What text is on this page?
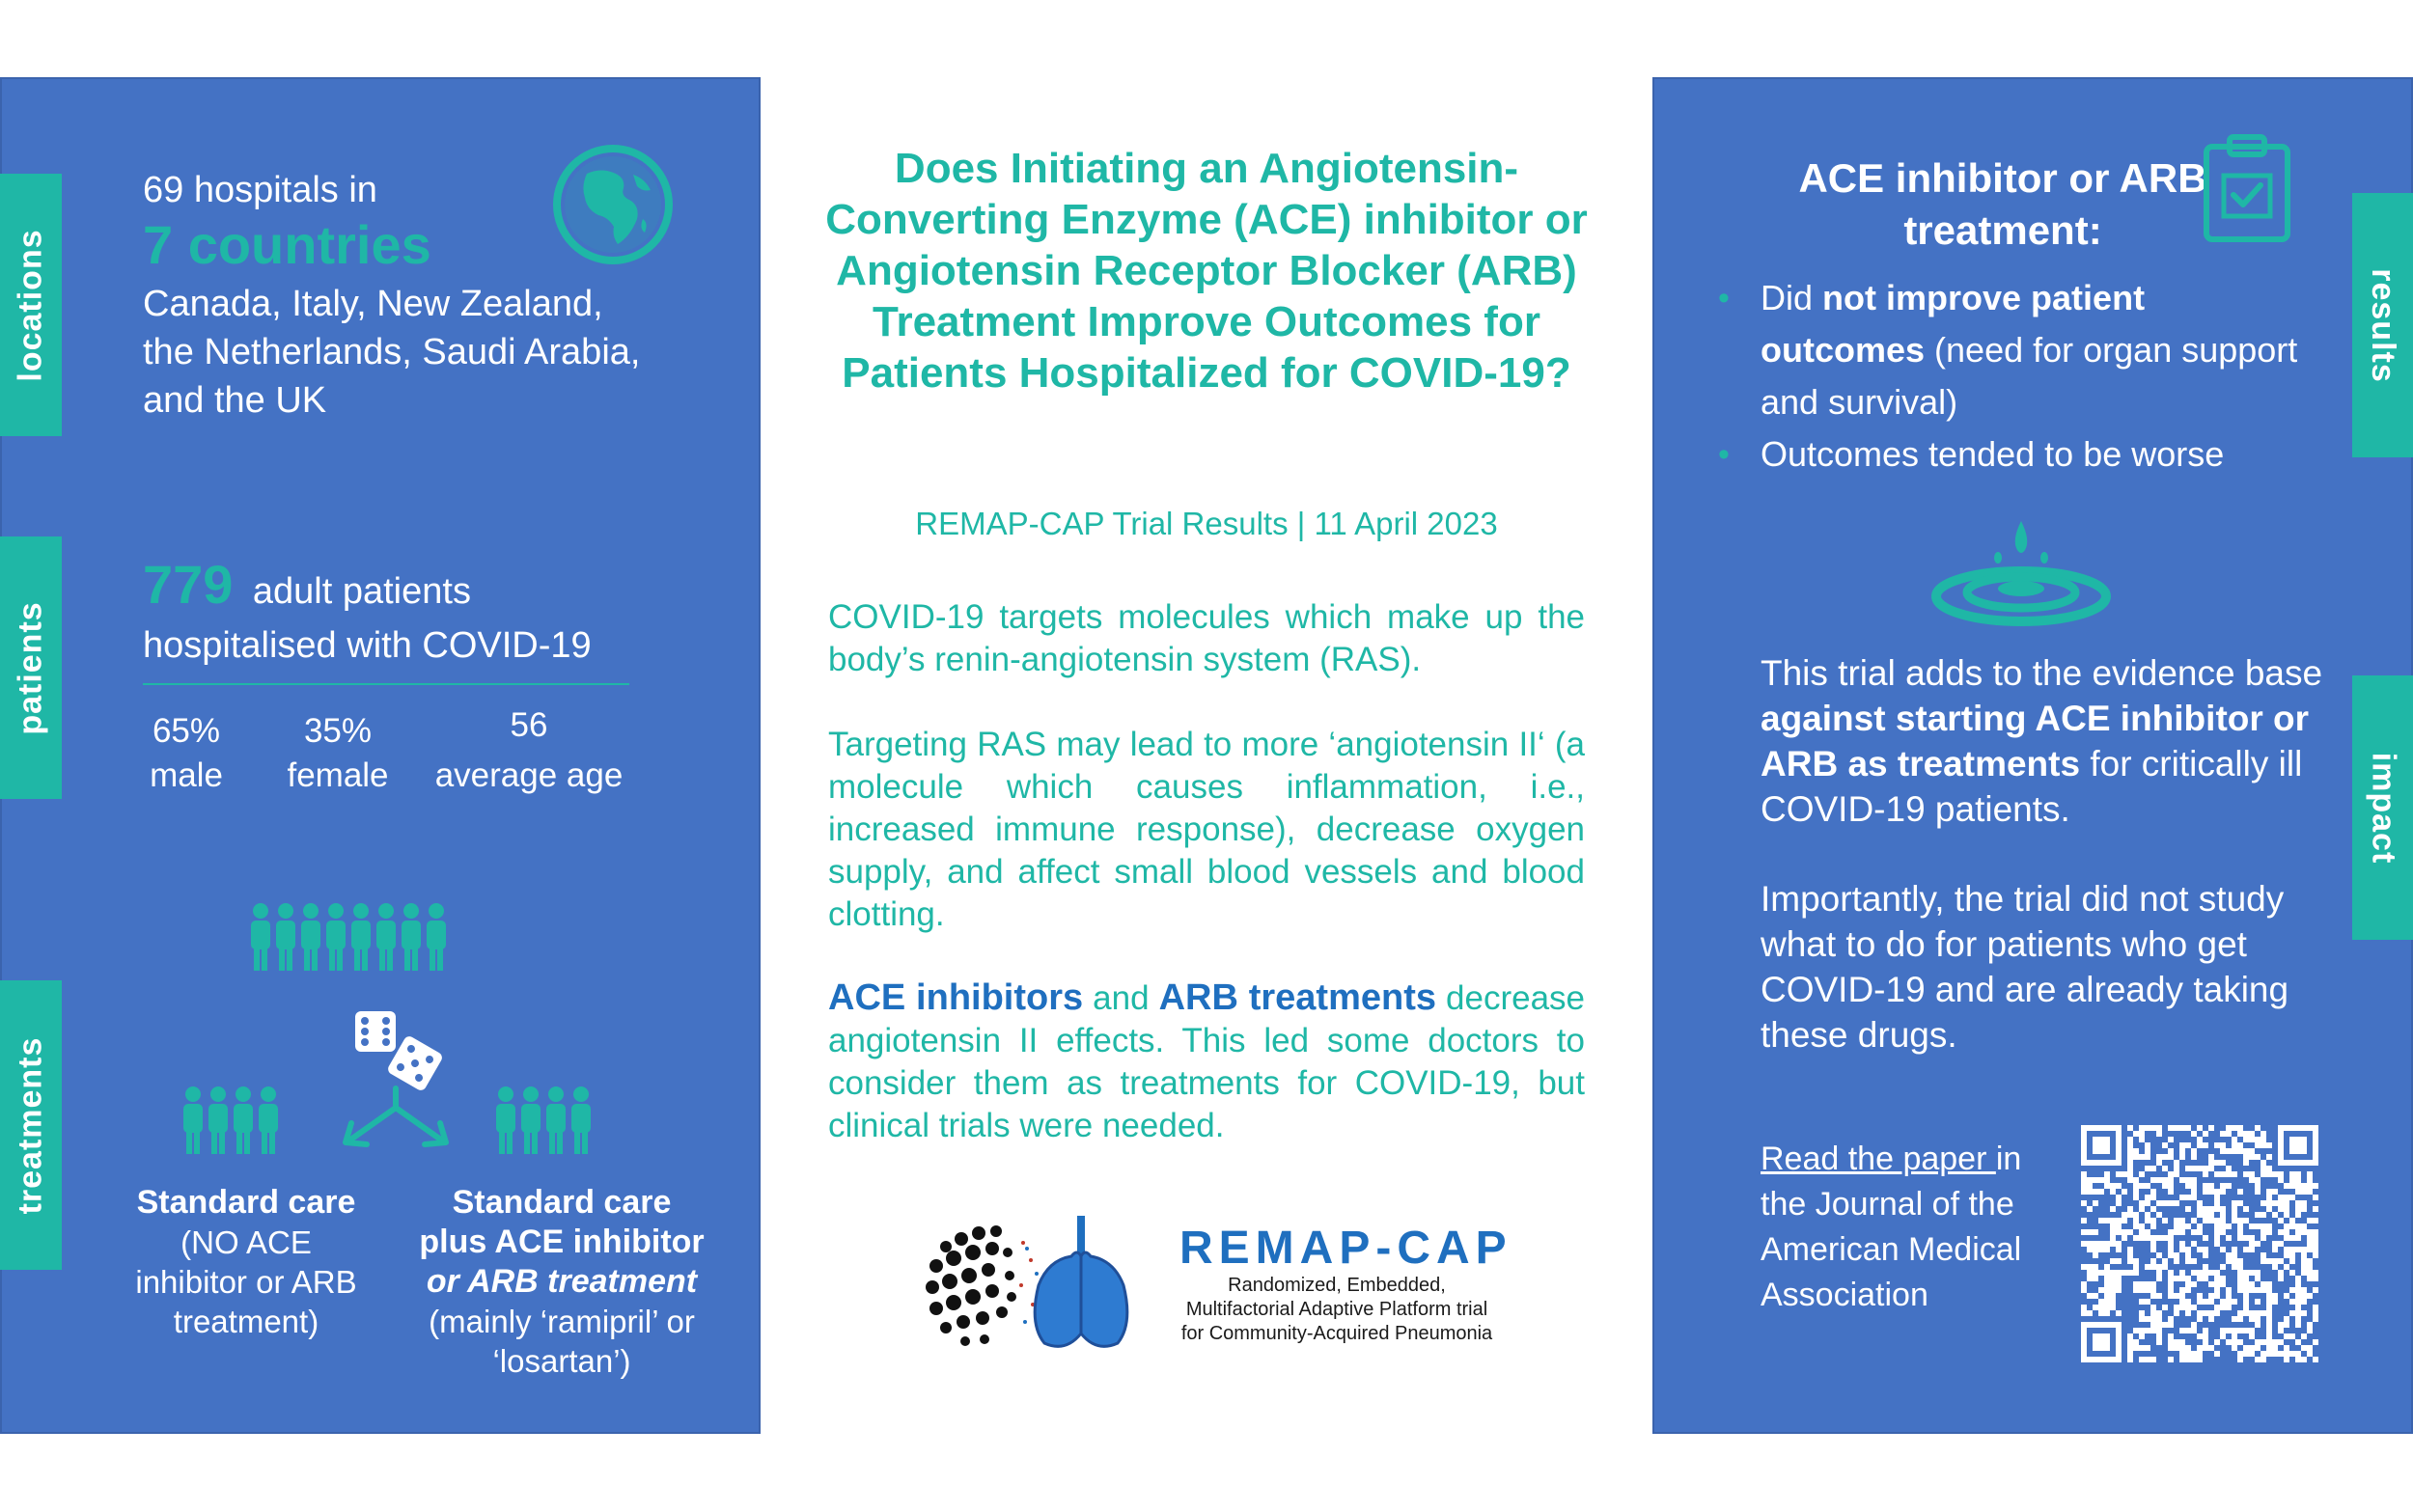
locations
patients
treatments
69 hospitals in
7 countries
Canada, Italy, New Zealand,
the Netherlands, Saudi Arabia,
and the UK
779 adult patients
hospitalised with COVID-19
65%
male
35%
female
56
average age
Standard care
(NO ACE
inhibitor or ARB
treatment)
Standard care
plus ACE inhibitor
or ARB treatment
(mainly ‘ramipril’ or
‘losartan’)
Does Initiating an Angiotensin-Converting Enzyme (ACE) inhibitor or Angiotensin Receptor Blocker (ARB) Treatment Improve Outcomes for Patients Hospitalized for COVID-19?
REMAP-CAP Trial Results | 11 April 2023
COVID-19 targets molecules which make up the body’s renin-angiotensin system (RAS).
Targeting RAS may lead to more ‘angiotensin II‘ (a molecule which causes inflammation, i.e., increased immune response), decrease oxygen supply, and affect small blood vessels and blood clotting.
ACE inhibitors and ARB treatments decrease angiotensin II effects. This led some doctors to consider them as treatments for COVID-19, but clinical trials were needed.
REMAP-CAP
Randomized, Embedded, Multifactorial Adaptive Platform trial for Community-Acquired Pneumonia
results
impact
ACE inhibitor or ARB treatment:
• Did not improve patient outcomes (need for organ support and survival)
• Outcomes tended to be worse
This trial adds to the evidence base against starting ACE inhibitor or ARB as treatments for critically ill COVID-19 patients.
Importantly, the trial did not study what to do for patients who get COVID-19 and are already taking these drugs.
Read the paper in the Journal of the American Medical Association
